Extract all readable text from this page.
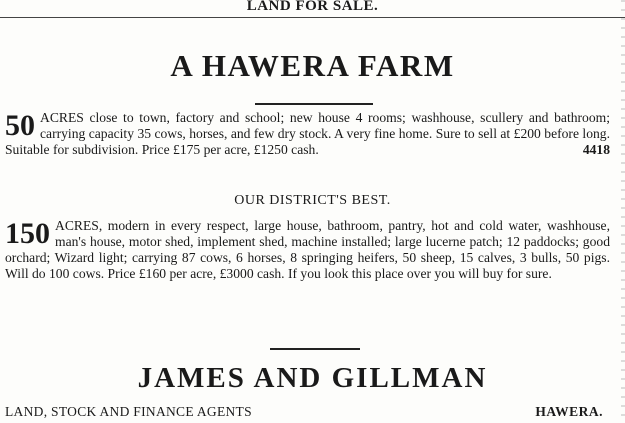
LAND FOR SALE.
A HAWERA FARM

50 ACRES close to town, factory and school; new house 4 rooms; washhouse, scullery and bathroom; carrying capacity 35 cows, horses, and few dry stock. A very fine home. Sure to sell at £200 before long. Suitable for subdivision. Price £175 per acre, £1250 cash.	4418

OUR DISTRICT'S BEST.

150 ACRES, modern in every respect, large house, bathroom, pantry, hot and cold water, washhouse, man's house, motor shed, implement shed, machine installed; large lucerne patch; 12 paddocks; good orchard; Wizard light; carrying 87 cows, 6 horses, 8 springing heifers, 50 sheep, 15 calves, 3 bulls, 50 pigs. Will do 100 cows. Price £160 per acre, £3000 cash. If you look this place over you will buy for sure.

JAMES AND GILLMAN
LAND, STOCK AND FINANCE AGENTS	HAWERA.
